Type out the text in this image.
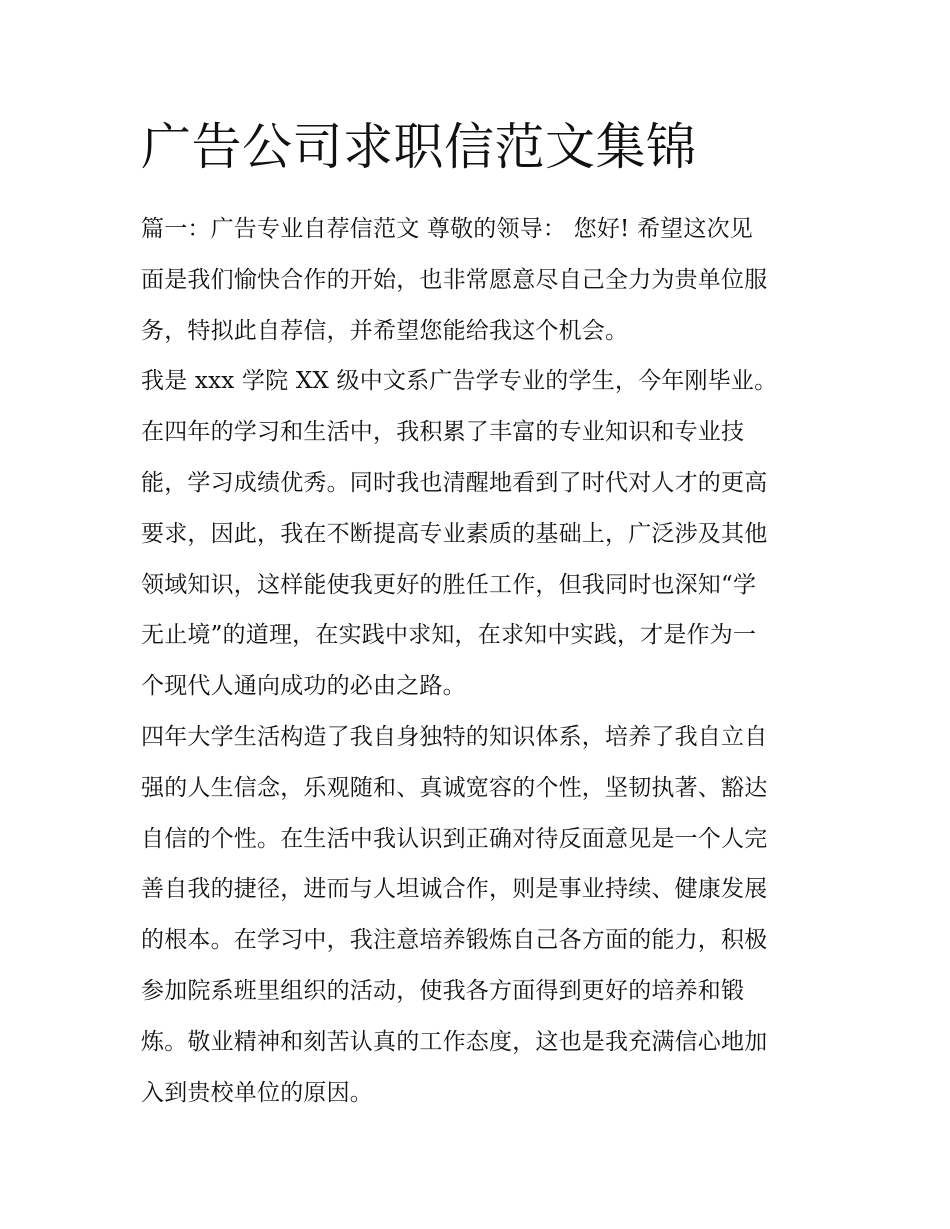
广告公司求职信范文集锦

篇一：广告专业自荐信范文 尊敬的领导： 您好! 希望这次见

面是我们愉快合作的开始，也非常愿意尽自己全力为贵单位服

务，特拟此自荐信，并希望您能给我这个机会。

我是 xxx 学院 XX 级中文系广告学专业的学生，今年刚毕业。

在四年的学习和生活中，我积累了丰富的专业知识和专业技

能，学习成绩优秀。同时我也清醒地看到了时代对人才的更高

要求，因此，我在不断提高专业素质的基础上，广泛涉及其他

领域知识，这样能使我更好的胜任工作，但我同时也深知“学

无止境”的道理，在实践中求知，在求知中实践，才是作为一

个现代人通向成功的必由之路。

四年大学生活构造了我自身独特的知识体系，培养了我自立自

强的人生信念，乐观随和、真诚宽容的个性，坚韧执著、豁达

自信的个性。在生活中我认识到正确对待反面意见是一个人完

善自我的捷径，进而与人坦诚合作，则是事业持续、健康发展

的根本。在学习中，我注意培养锻炼自己各方面的能力，积极

参加院系班里组织的活动，使我各方面得到更好的培养和锻

炼。敬业精神和刻苦认真的工作态度，这也是我充满信心地加

入到贵校单位的原因。
